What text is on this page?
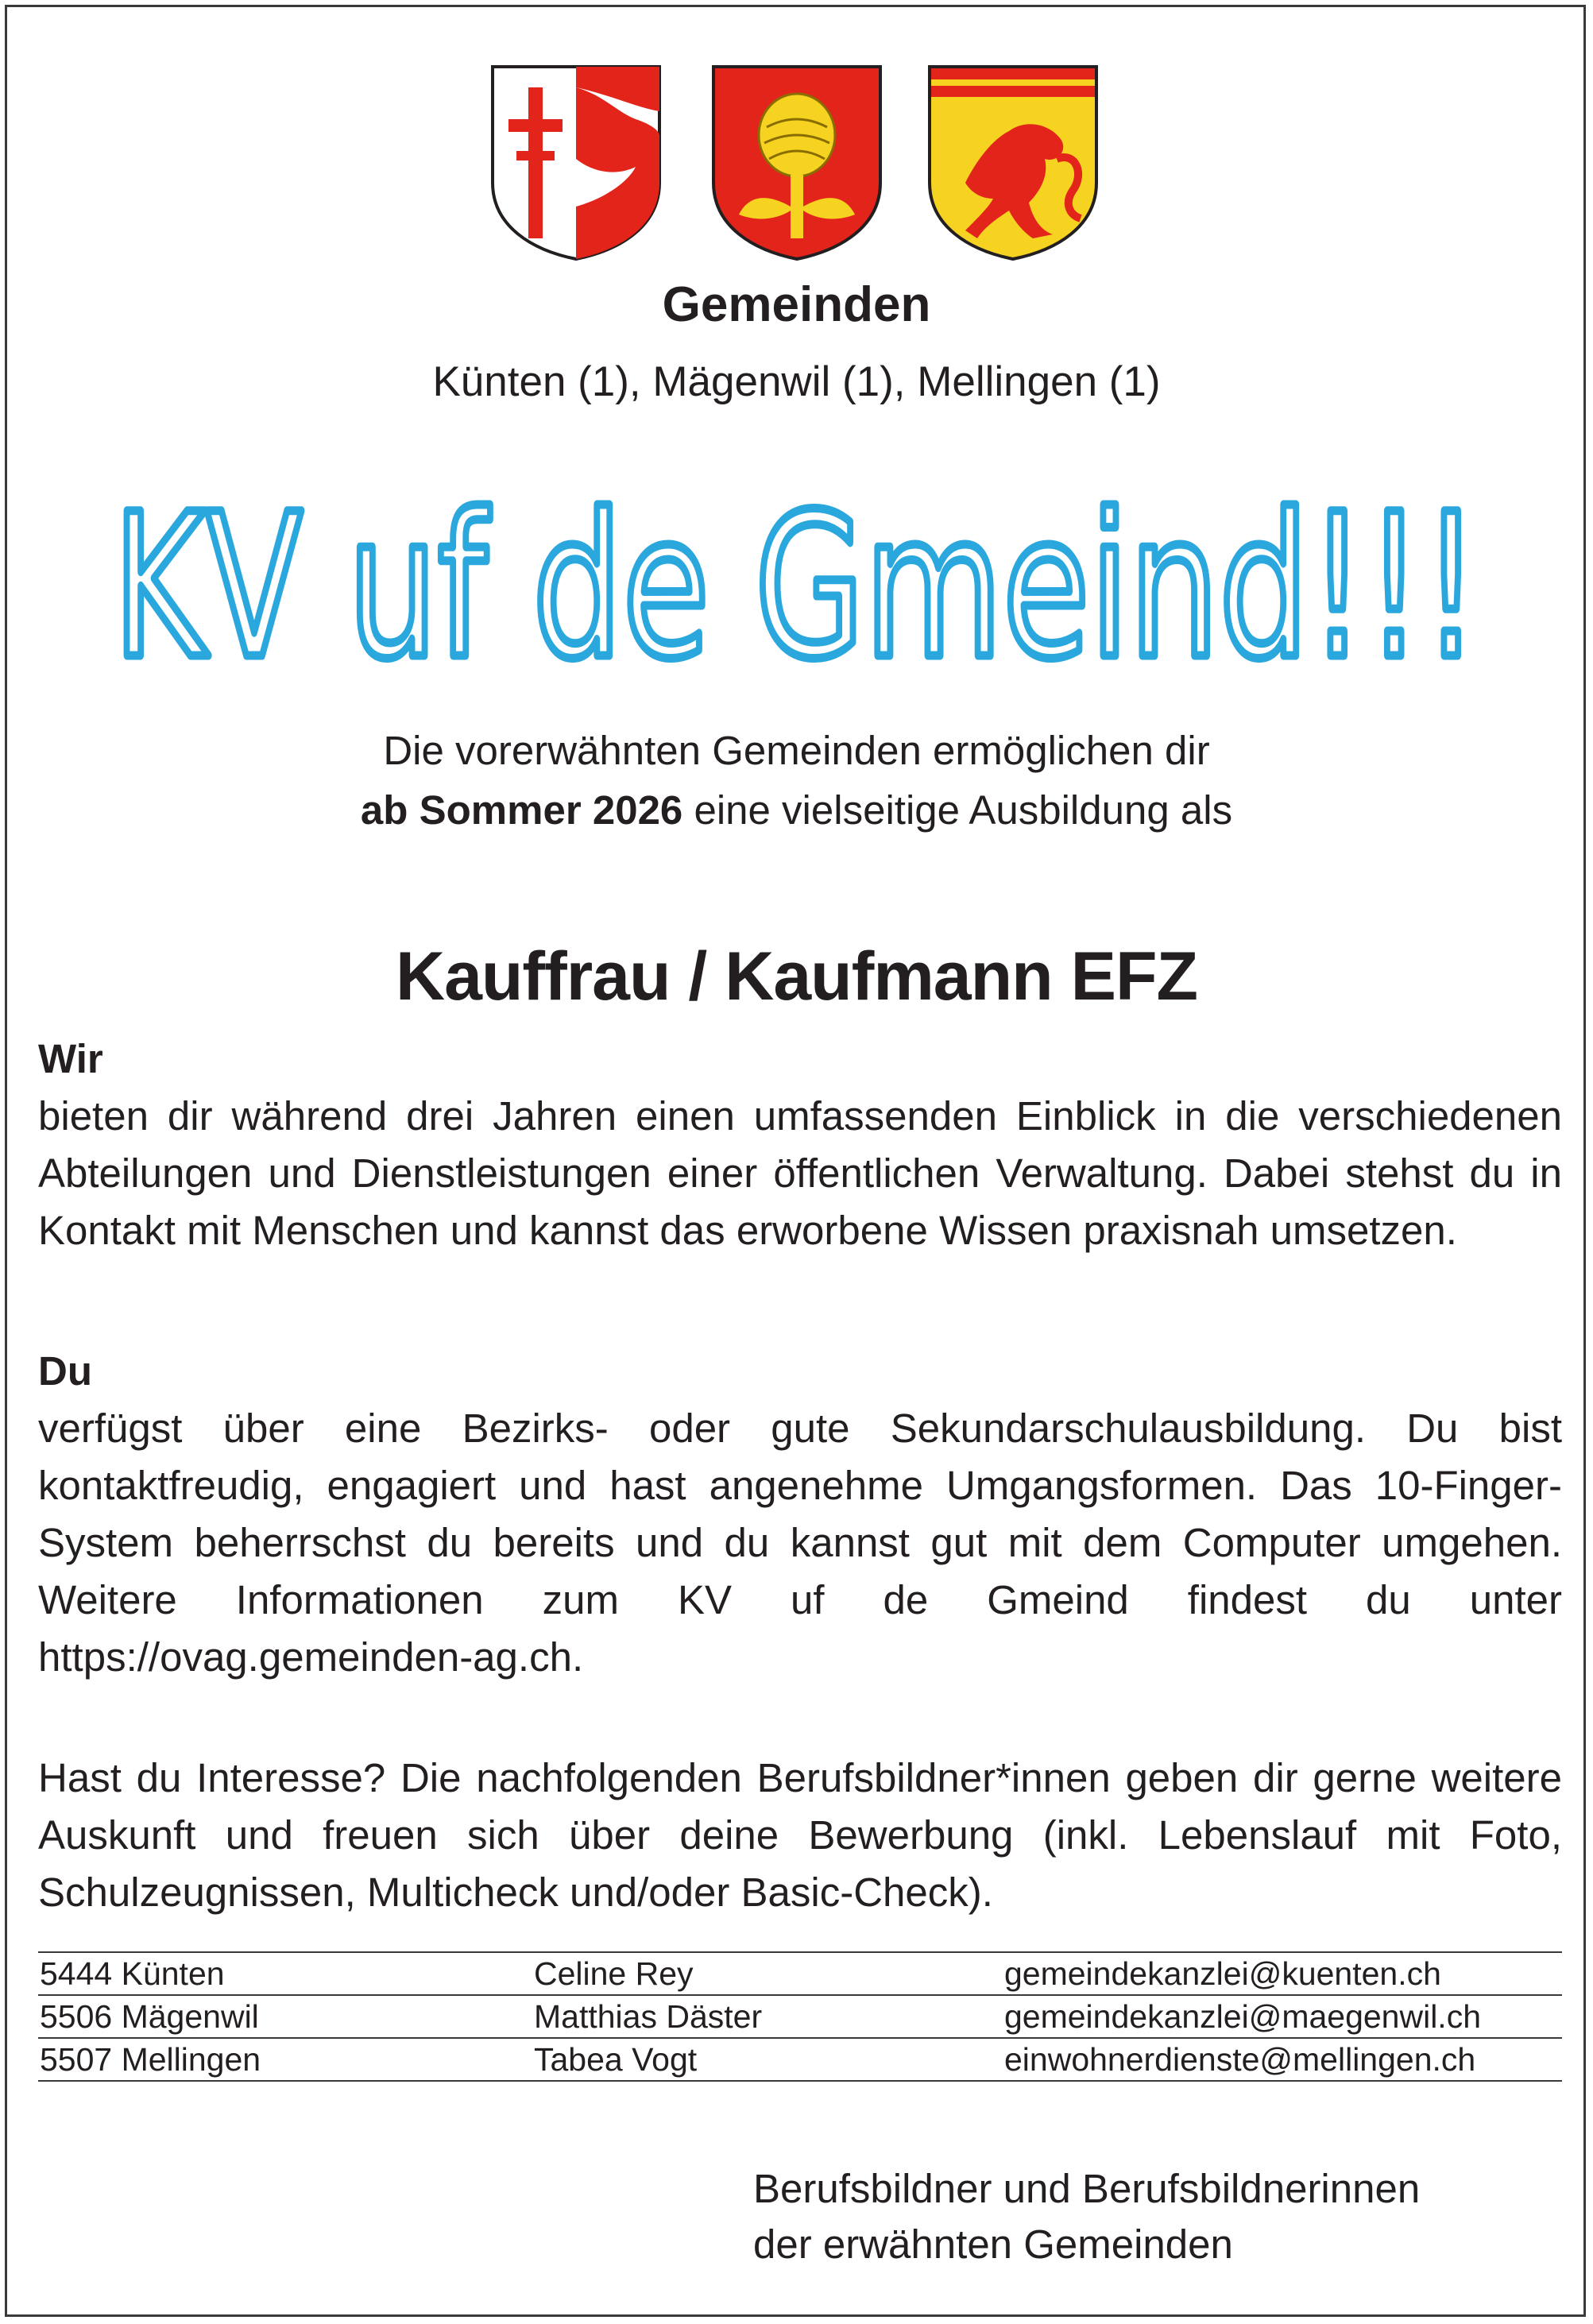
Gemeinden
Künten (1), Mägenwil (1), Mellingen (1)
KV uf de Gmeind!!!
Die vorerwähnten Gemeinden ermöglichen dir
ab Sommer 2026 eine vielseitige Ausbildung als
Kauffrau / Kaufmann EFZ
Wir
bieten dir während drei Jahren einen umfassenden Einblick in die verschiedenen Abteilungen und Dienstleistungen einer öffentlichen Verwaltung. Dabei stehst du in Kontakt mit Menschen und kannst das erworbene Wissen praxisnah umsetzen.
Du
verfügst über eine Bezirks- oder gute Sekundarschulausbildung. Du bist kontaktfreudig, engagiert und hast angenehme Umgangsformen. Das 10-Finger-System beherrschst du bereits und du kannst gut mit dem Computer umgehen. Weitere Informationen zum KV uf de Gmeind findest du unter https://ovag.gemeinden-ag.ch.
Hast du Interesse? Die nachfolgenden Berufsbildner*innen geben dir gerne weitere Auskunft und freuen sich über deine Bewerbung (inkl. Lebenslauf mit Foto, Schulzeugnissen, Multicheck und/oder Basic-Check).
5444 Künten	Celine Rey	gemeindekanzlei@kuenten.ch
5506 Mägenwil	Matthias Däster	gemeindekanzlei@maegenwil.ch
5507 Mellingen	Tabea Vogt	einwohnerdienste@mellingen.ch
Berufsbildner und Berufsbildnerinnen
der erwähnten Gemeinden
